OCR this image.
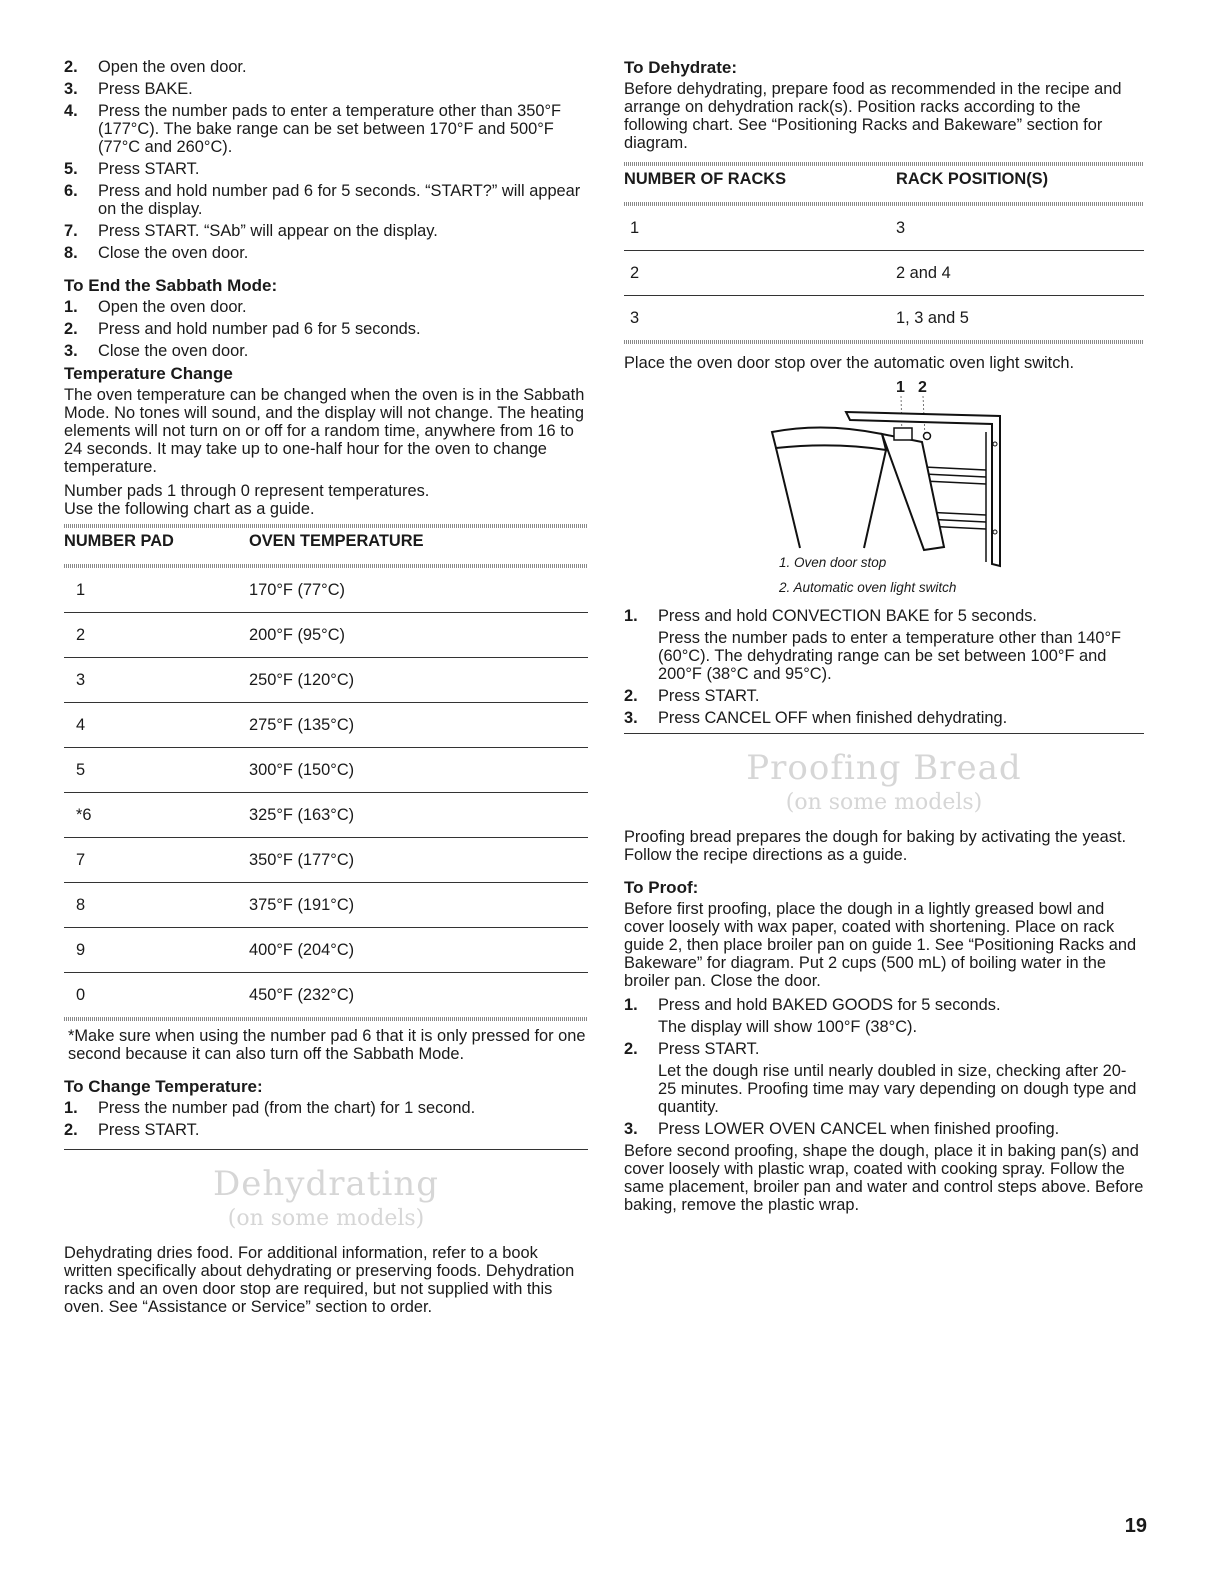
2. Open the oven door.

3. Press BAKE.

4. Press the number pads to enter a temperature other than 350°F (177°C). The bake range can be set between 170°F and 500°F (77°C and 260°C).

5. Press START.

6. Press and hold number pad 6 for 5 seconds. “START?” will appear on the display.

7. Press START. “SAb” will appear on the display.

8. Close the oven door.

To End the Sabbath Mode:

1. Open the oven door.

2. Press and hold number pad 6 for 5 seconds.

3. Close the oven door.

Temperature Change

The oven temperature can be changed when the oven is in the Sabbath Mode. No tones will sound, and the display will not change. The heating elements will not turn on or off for a random time, anywhere from 16 to 24 seconds. It may take up to one-half hour for the oven to change temperature.

Number pads 1 through 0 represent temperatures.

Use the following chart as a guide.

NUMBER PAD	OVEN TEMPERATURE

1	170°F (77°C)
2	200°F (95°C)
3	250°F (120°C)
4	275°F (135°C)
5	300°F (150°C)
*6	325°F (163°C)
7	350°F (177°C)
8	375°F (191°C)
9	400°F (204°C)
0	450°F (232°C)

*Make sure when using the number pad 6 that it is only pressed for one second because it can also turn off the Sabbath Mode.

To Change Temperature:

1. Press the number pad (from the chart) for 1 second.

2. Press START.

Dehydrating

(on some models)

Dehydrating dries food. For additional information, refer to a book written specifically about dehydrating or preserving foods. Dehydration racks and an oven door stop are required, but not supplied with this oven. See “Assistance or Service” section to order.

To Dehydrate:

Before dehydrating, prepare food as recommended in the recipe and arrange on dehydration rack(s). Position racks according to the following chart. See “Positioning Racks and Bakeware” section for diagram.

NUMBER OF RACKS	RACK POSITION(S)

1	3
2	2 and 4
3	1, 3 and 5

Place the oven door stop over the automatic oven light switch.

1 2
1. Oven door stop

2. Automatic oven light switch

1. Press and hold CONVECTION BAKE for 5 seconds.
Press the number pads to enter a temperature other than 140°F (60°C). The dehydrating range can be set between 100°F and 200°F (38°C and 95°C).

2. Press START.

3. Press CANCEL OFF when finished dehydrating.

Proofing Bread

(on some models)

Proofing bread prepares the dough for baking by activating the yeast. Follow the recipe directions as a guide.

To Proof:

Before first proofing, place the dough in a lightly greased bowl and cover loosely with wax paper, coated with shortening. Place on rack guide 2, then place broiler pan on guide 1. See “Positioning Racks and Bakeware” for diagram. Put 2 cups (500 mL) of boiling water in the broiler pan. Close the door.

1. Press and hold BAKED GOODS for 5 seconds.
The display will show 100°F (38°C).

2. Press START.
Let the dough rise until nearly doubled in size, checking after 20-25 minutes. Proofing time may vary depending on dough type and quantity.

3. Press LOWER OVEN CANCEL when finished proofing.

Before second proofing, shape the dough, place it in baking pan(s) and cover loosely with plastic wrap, coated with cooking spray. Follow the same placement, broiler pan and water and control steps above. Before baking, remove the plastic wrap.

19
